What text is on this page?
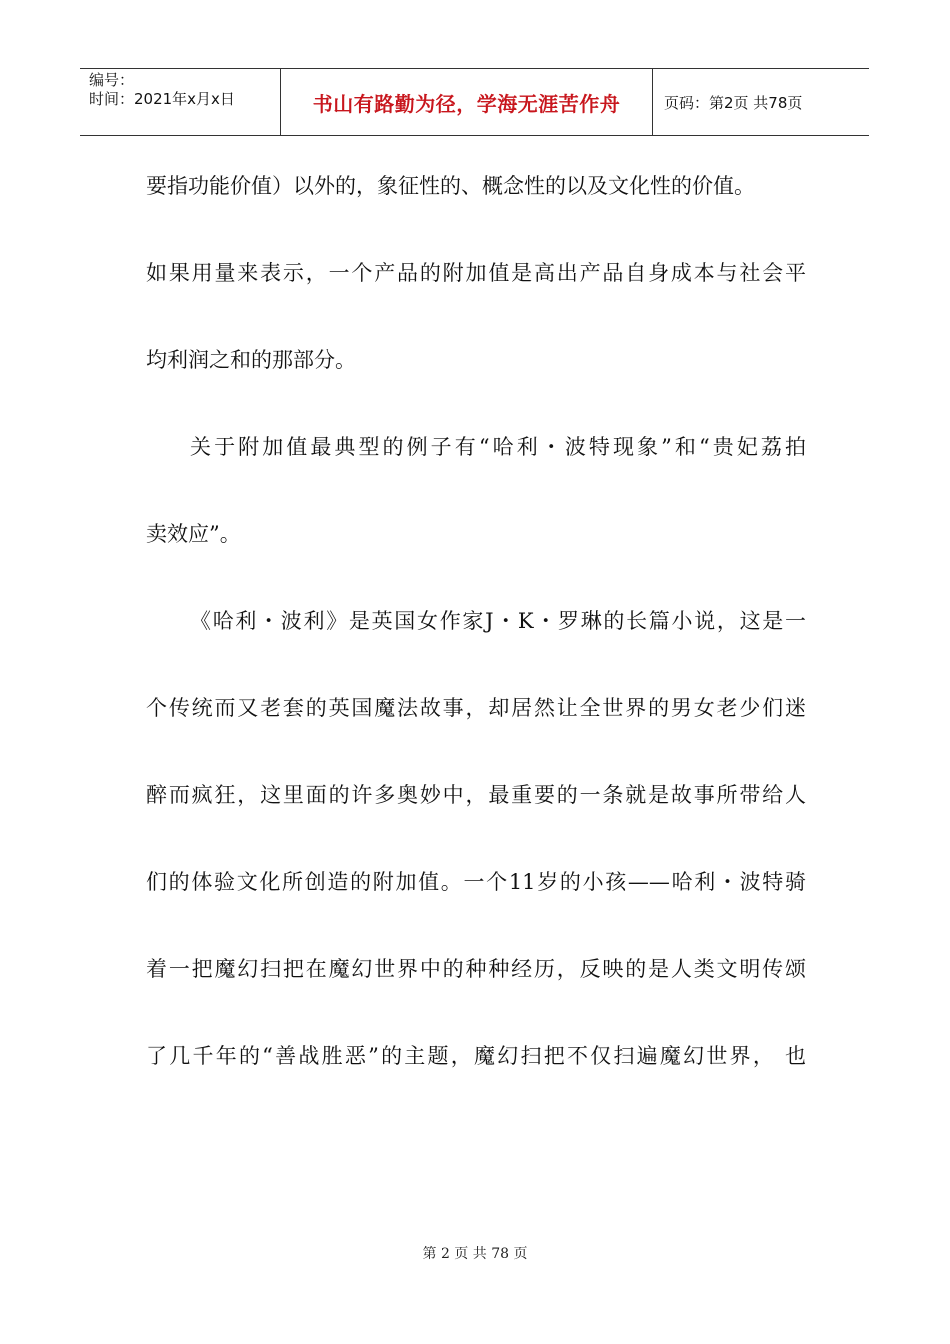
编号：
时间：2021年x月x日	书山有路勤为径，学海无涯苦作舟	页码：第2页 共78页
要指功能价值）以外的，象征性的、概念性的以及文化性的价值。
如果用量来表示，一个产品的附加值是高出产品自身成本与社会平
均利润之和的那部分。
关于附加值最典型的例子有“哈利・波特现象”和“贵妃荔拍
卖效应”。
《哈利・波利》是英国女作家J・K・罗琳的长篇小说，这是一
个传统而又老套的英国魔法故事，却居然让全世界的男女老少们迷
醉而疯狂，这里面的许多奥妙中，最重要的一条就是故事所带给人
们的体验文化所创造的附加值。一个11岁的小孩——哈利・波特骑
着一把魔幻扫把在魔幻世界中的种种经历，反映的是人类文明传颂
了几千年的“善战胜恶”的主题，魔幻扫把不仅扫遍魔幻世界， 也
第 2 页 共 78 页
